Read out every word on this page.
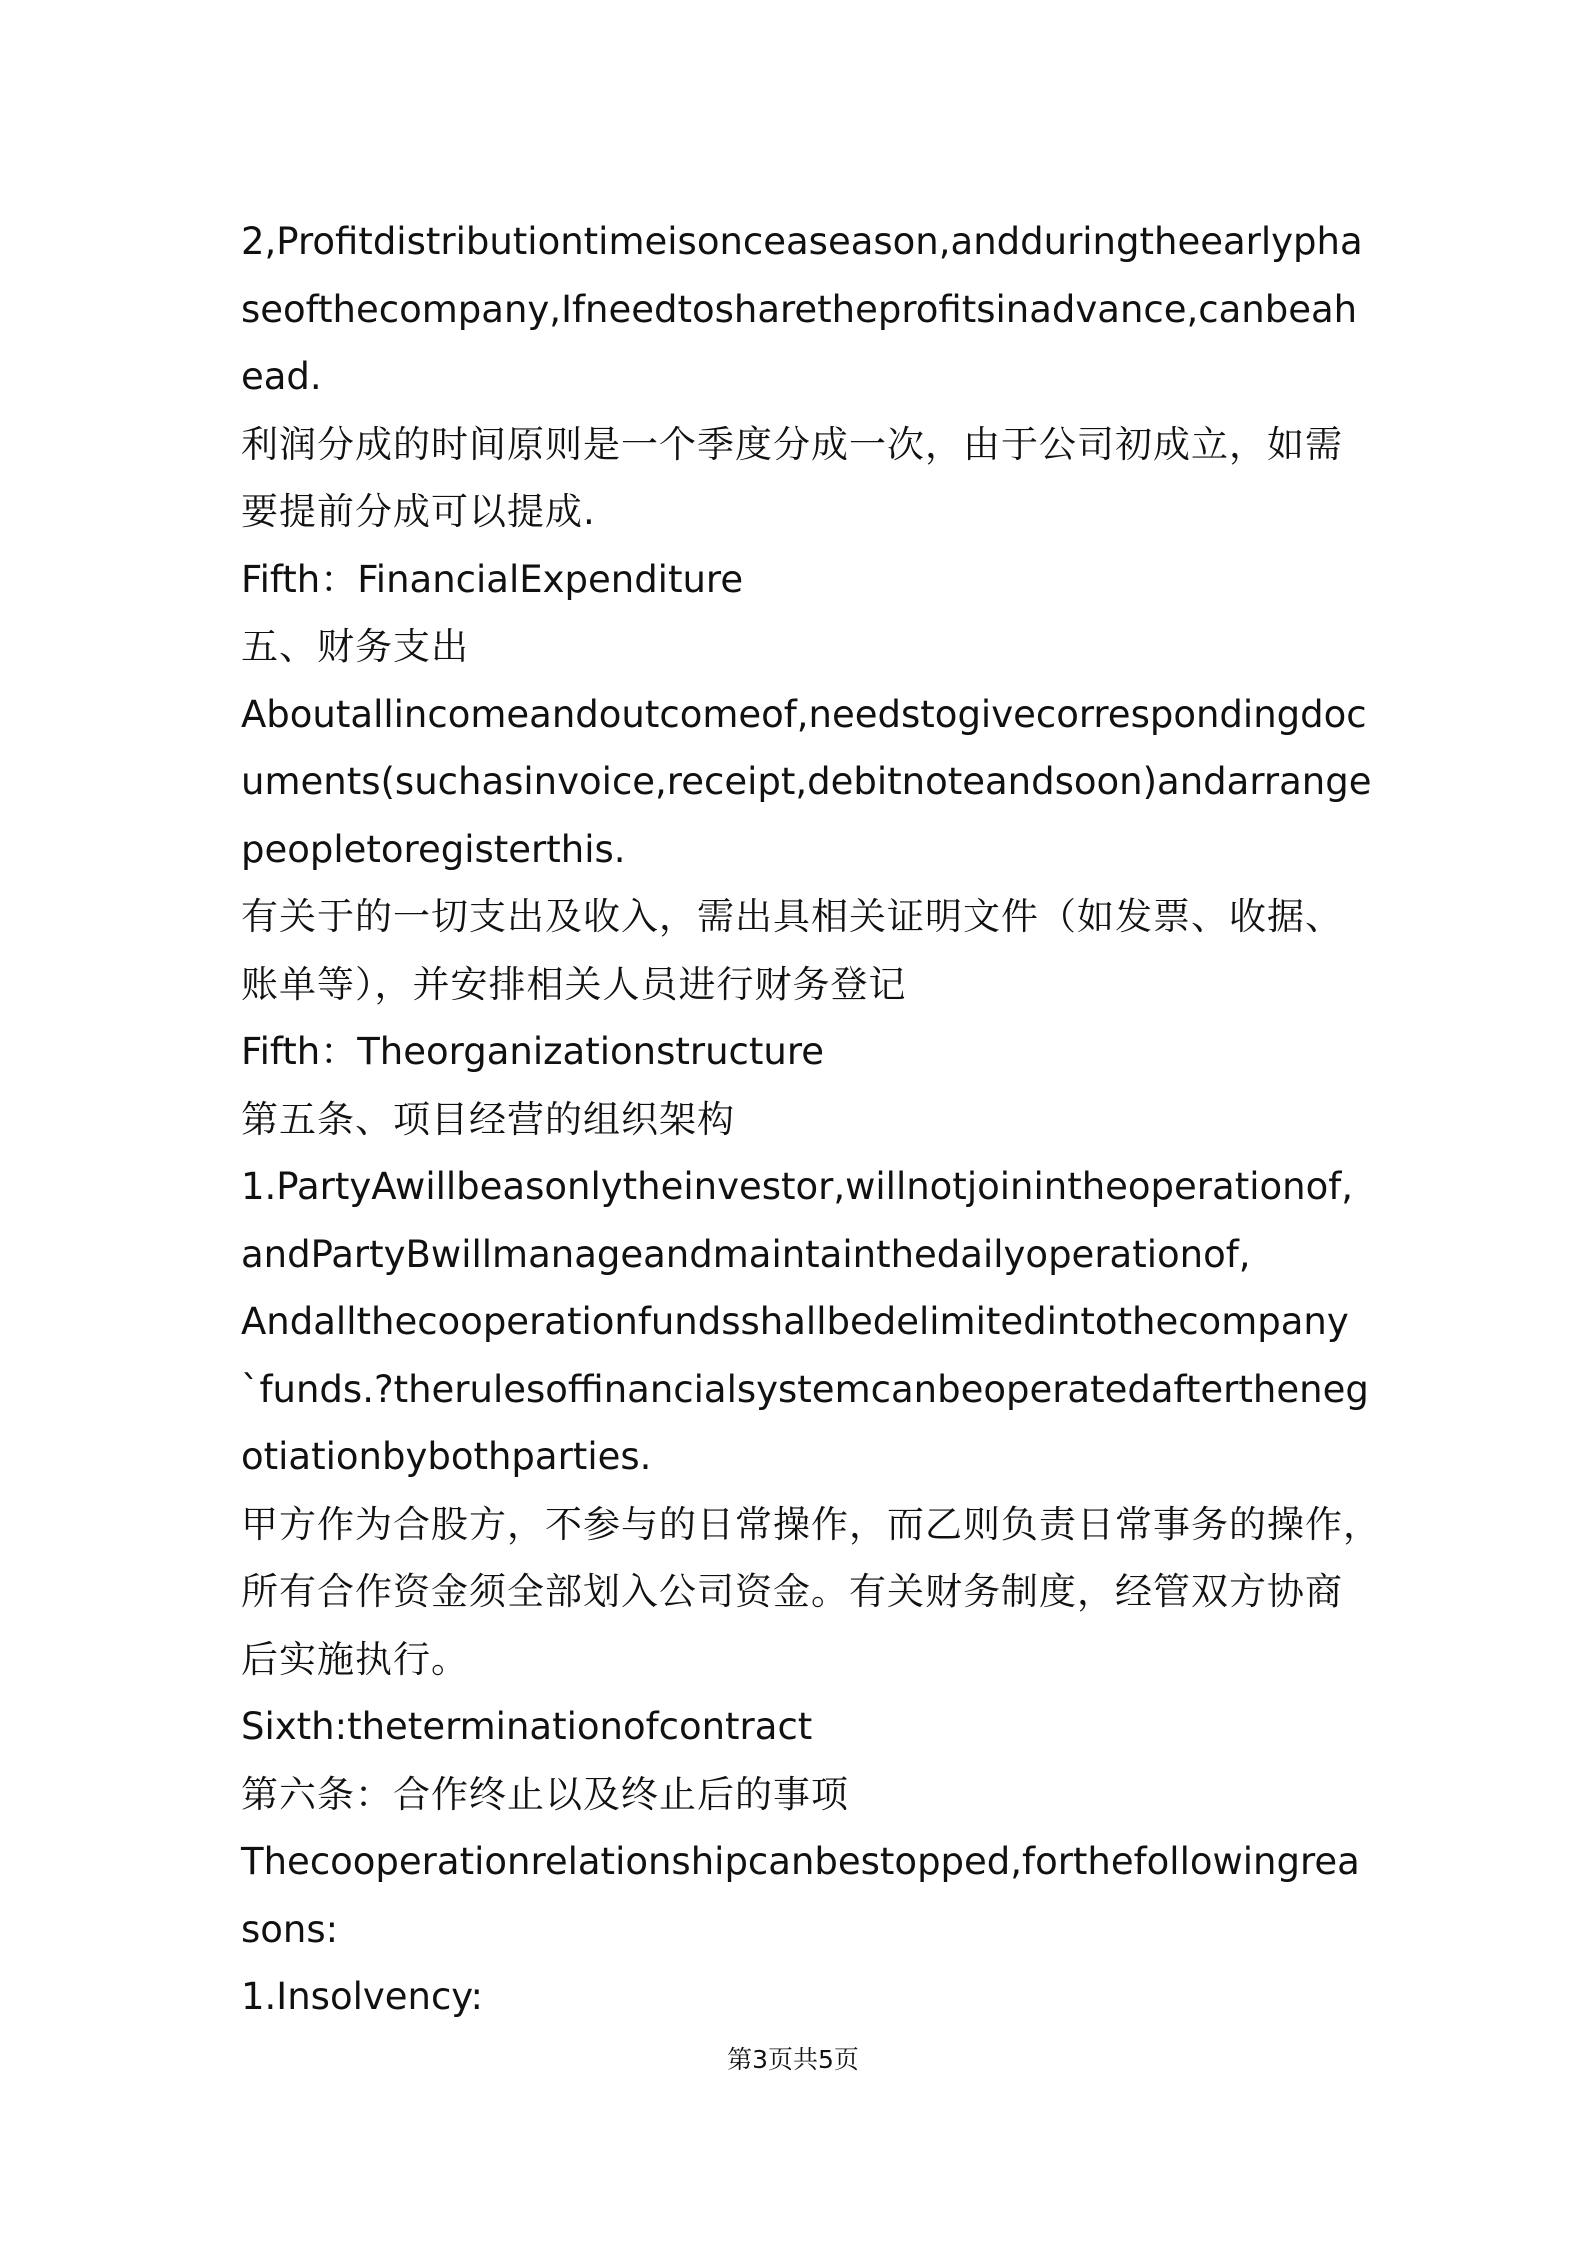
2,Profitdistributiontimeisonceaseason,andduringtheearlypha

seofthecompany,Ifneedtosharetheprofitsinadvance,canbeah

ead.

利润分成的时间原则是一个季度分成一次，由于公司初成立，如需

要提前分成可以提成.

Fifth：FinancialExpenditure

五、财务支出

Aboutallincomeandoutcomeof,needstogivecorrespondingdoc

uments(suchasinvoice,receipt,debitnoteandsoon)andarrange

peopletoregisterthis.

有关于的一切支出及收入，需出具相关证明文件（如发票、收据、

账单等），并安排相关人员进行财务登记

Fifth：Theorganizationstructure

第五条、项目经营的组织架构

1.PartyAwillbeasonlytheinvestor,willnotjoinintheoperationof,

andPartyBwillmanageandmaintainthedailyoperationof,

Andallthecooperationfundsshallbedelimitedintothecompany

`funds.?therulesoffinancialsystemcanbeoperatedaftertheneg

otiationbybothparties.

甲方作为合股方，不参与的日常操作，而乙则负责日常事务的操作，

所有合作资金须全部划入公司资金。有关财务制度，经管双方协商

后实施执行。

Sixth:theterminationofcontract

第六条：合作终止以及终止后的事项

Thecooperationrelationshipcanbestopped,forthefollowingrea

sons:

1.Insolvency:

第3页共5页
